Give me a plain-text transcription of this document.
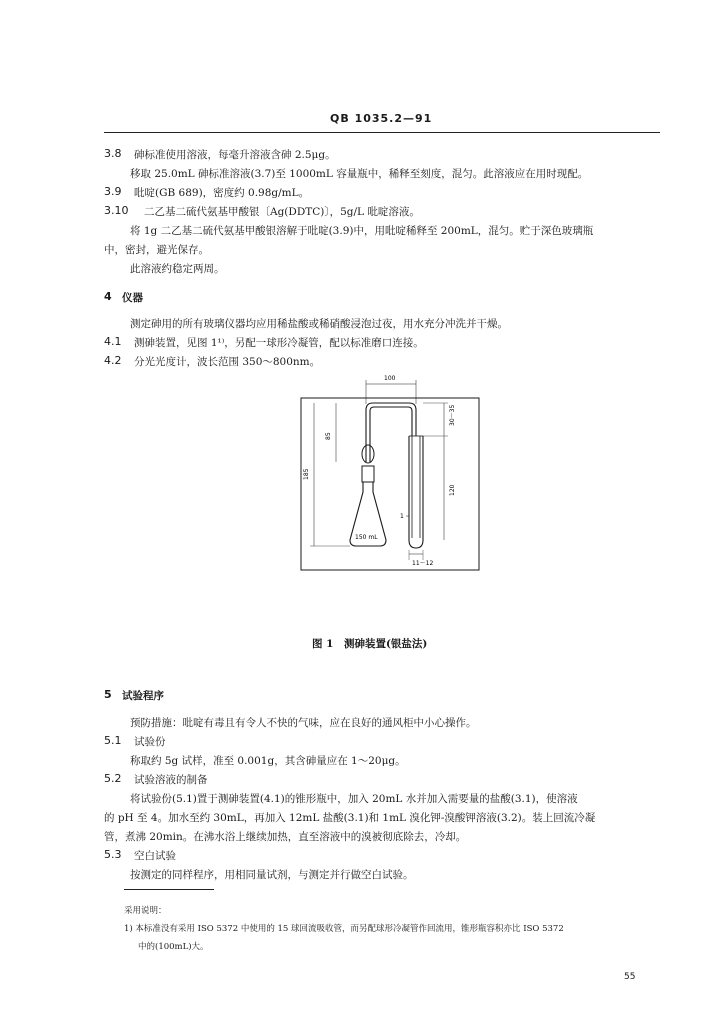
QB 1035.2—91
3.8 砷标准使用溶液，每毫升溶液含砷 2.5μg。
移取 25.0mL 砷标准溶液(3.7)至 1000mL 容量瓶中，稀释至刻度，混匀。此溶液应在用时现配。
3.9 吡啶(GB 689)，密度约 0.98g/mL。
3.10 二乙基二硫代氨基甲酸银〔Ag(DDTC)〕，5g/L 吡啶溶液。
将 1g 二乙基二硫代氨基甲酸银溶解于吡啶(3.9)中，用吡啶稀释至 200mL，混匀。贮于深色玻璃瓶
中，密封，避光保存。
此溶液约稳定两周。
4 仪器
测定砷用的所有玻璃仪器均应用稀盐酸或稀硝酸浸泡过夜，用水充分冲洗并干燥。
4.1 测砷装置，见图 1¹⁾，另配一球形冷凝管，配以标准磨口连接。
4.2 分光光度计，波长范围 350～800nm。
100
85
185
30～35
120
1
11～12
150 mL
图 1　测砷装置(银盐法)
5 试验程序
预防措施：吡啶有毒且有令人不快的气味，应在良好的通风柜中小心操作。
5.1 试验份
称取约 5g 试样，准至 0.001g，其含砷量应在 1～20μg。
5.2 试验溶液的制备
将试验份(5.1)置于测砷装置(4.1)的锥形瓶中，加入 20mL 水并加入需要量的盐酸(3.1)，使溶液
的 pH 至 4。加水至约 30mL，再加入 12mL 盐酸(3.1)和 1mL 溴化钾-溴酸钾溶液(3.2)。装上回流冷凝
管，煮沸 20min。在沸水浴上继续加热，直至溶液中的溴被彻底除去，冷却。
5.3 空白试验
按测定的同样程序，用相同量试剂，与测定并行做空白试验。
采用说明：
1) 本标准没有采用 ISO 5372 中使用的 15 球回流吸收管，而另配球形冷凝管作回流用，锥形瓶容积亦比 ISO 5372
中的(100mL)大。
55
